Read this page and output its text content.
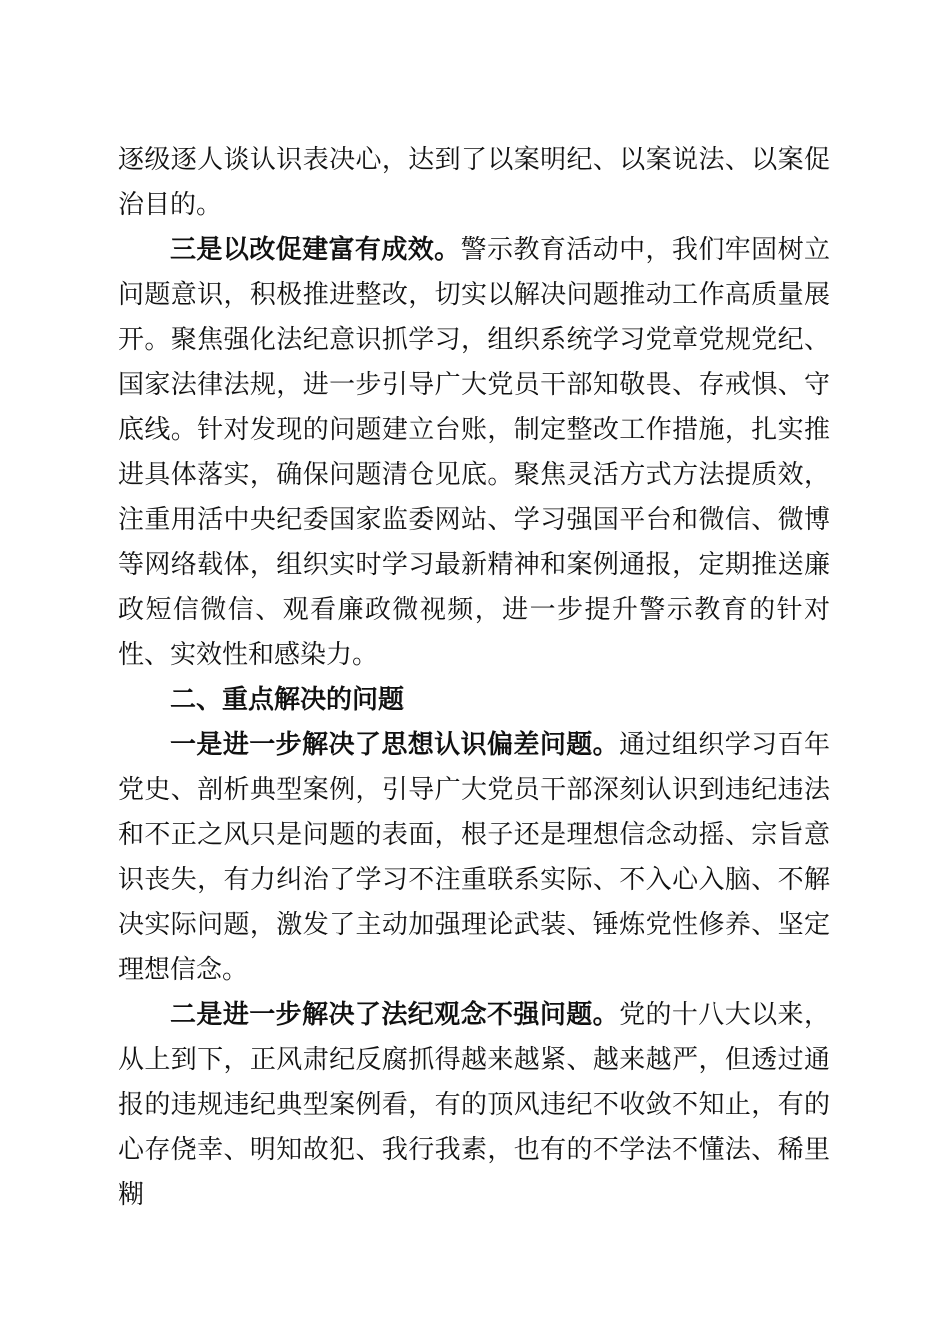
逐级逐人谈认识表决心，达到了以案明纪、以案说法、以案促治目的。

三是以改促建富有成效。警示教育活动中，我们牢固树立问题意识，积极推进整改，切实以解决问题推动工作高质量展开。聚焦强化法纪意识抓学习，组织系统学习党章党规党纪、国家法律法规，进一步引导广大党员干部知敬畏、存戒惧、守底线。针对发现的问题建立台账，制定整改工作措施，扎实推进具体落实，确保问题清仓见底。聚焦灵活方式方法提质效，注重用活中央纪委国家监委网站、学习强国平台和微信、微博等网络载体，组织实时学习最新精神和案例通报，定期推送廉政短信微信、观看廉政微视频，进一步提升警示教育的针对性、实效性和感染力。

二、重点解决的问题

一是进一步解决了思想认识偏差问题。通过组织学习百年党史、剖析典型案例，引导广大党员干部深刻认识到违纪违法和不正之风只是问题的表面，根子还是理想信念动摇、宗旨意识丧失，有力纠治了学习不注重联系实际、不入心入脑、不解决实际问题，激发了主动加强理论武装、锤炼党性修养、坚定理想信念。

二是进一步解决了法纪观念不强问题。党的十八大以来，从上到下，正风肃纪反腐抓得越来越紧、越来越严，但透过通报的违规违纪典型案例看，有的顶风违纪不收敛不知止，有的心存侥幸、明知故犯、我行我素，也有的不学法不懂法、稀里糊
